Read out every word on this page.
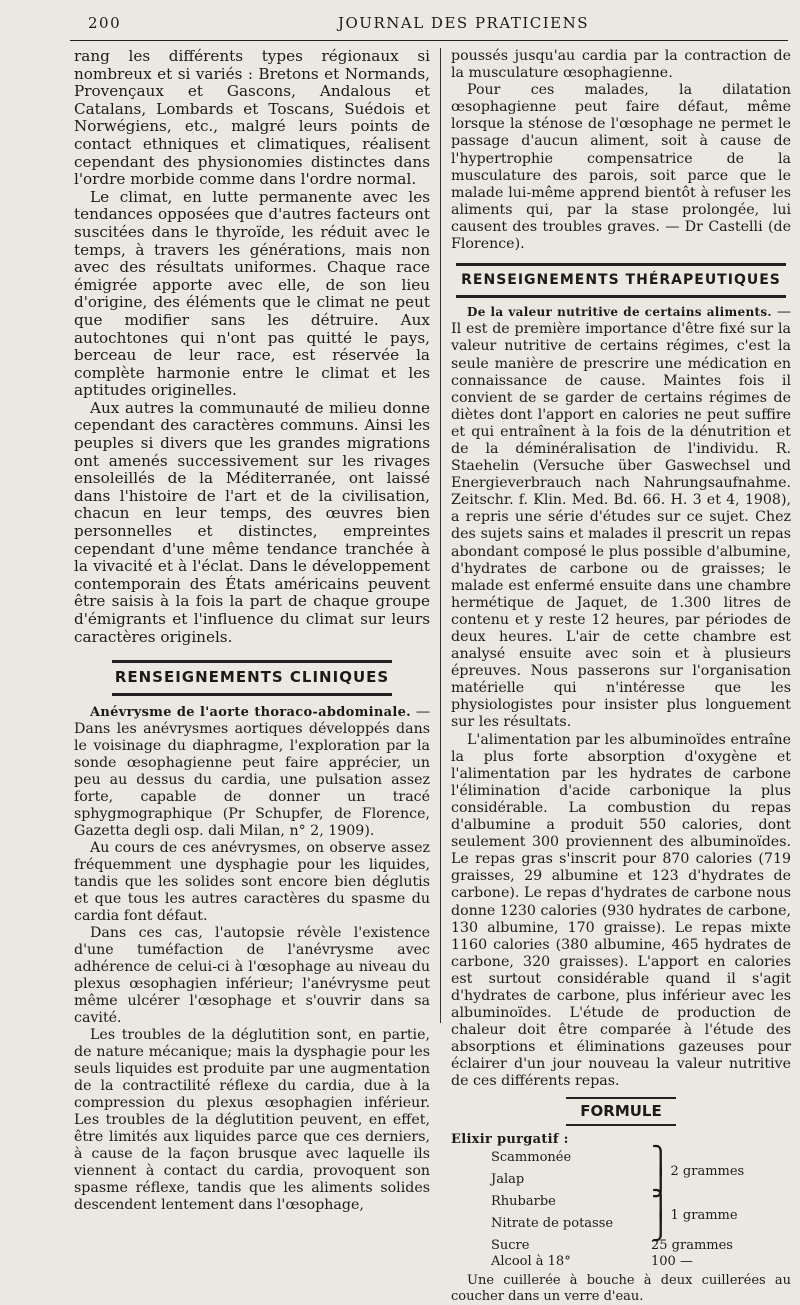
200	JOURNAL DES PRATICIENS

rang les différents types régionaux si nombreux et si variés : Bretons et Normands, Provençaux et Gascons, Andalous et Catalans, Lombards et Toscans, Suédois et Norwégiens, etc., malgré leurs points de contact ethniques et climatiques, réalisent cependant des physionomies distinctes dans l'ordre morbide comme dans l'ordre normal.

Le climat, en lutte permanente avec les tendances opposées que d'autres facteurs ont suscitées dans le thyroïde, les réduit avec le temps, à travers les générations, mais non avec des résultats uniformes. Chaque race émigrée apporte avec elle, de son lieu d'origine, des éléments que le climat ne peut que modifier sans les détruire. Aux autochtones qui n'ont pas quitté le pays, berceau de leur race, est réservée la complète harmonie entre le climat et les aptitudes originelles.

Aux autres la communauté de milieu donne cependant des caractères communs. Ainsi les peuples si divers que les grandes migrations ont amenés successivement sur les rivages ensoleillés de la Méditerranée, ont laissé dans l'histoire de l'art et de la civilisation, chacun en leur temps, des œuvres bien personnelles et distinctes, empreintes cependant d'une même tendance tranchée à la vivacité et à l'éclat. Dans le développement contemporain des États américains peuvent être saisis à la fois la part de chaque groupe d'émigrants et l'influence du climat sur leurs caractères originels.

RENSEIGNEMENTS CLINIQUES

Anévrysme de l'aorte thoraco-abdominale. — Dans les anévrysmes aortiques développés dans le voisinage du diaphragme, l'exploration par la sonde œsophagienne peut faire apprécier, un peu au dessus du cardia, une pulsation assez forte, capable de donner un tracé sphygmographique (Pr Schupfer, de Florence, Gazetta degli osp. dali Milan, n° 2, 1909).

Au cours de ces anévrysmes, on observe assez fréquemment une dysphagie pour les liquides, tandis que les solides sont encore bien déglutis et que tous les autres caractères du spasme du cardia font défaut.

Dans ces cas, l'autopsie révèle l'existence d'une tuméfaction de l'anévrysme avec adhérence de celui-ci à l'œsophage au niveau du plexus œsophagien inférieur; l'anévrysme peut même ulcérer l'œsophage et s'ouvrir dans sa cavité.

Les troubles de la déglutition sont, en partie, de nature mécanique; mais la dysphagie pour les seuls liquides est produite par une augmentation de la contractilité réflexe du cardia, due à la compression du plexus œsophagien inférieur. Les troubles de la déglutition peuvent, en effet, être limités aux liquides parce que ces derniers, à cause de la façon brusque avec laquelle ils viennent à contact du cardia, provoquent son spasme réflexe, tandis que les aliments solides descendent lentement dans l'œsophage,

poussés jusqu'au cardia par la contraction de la musculature œsophagienne.

Pour ces malades, la dilatation œsophagienne peut faire défaut, même lorsque la sténose de l'œsophage ne permet le passage d'aucun aliment, soit à cause de l'hypertrophie compensatrice de la musculature des parois, soit parce que le malade lui-même apprend bientôt à refuser les aliments qui, par la stase prolongée, lui causent des troubles graves. — Dr Castelli (de Florence).

RENSEIGNEMENTS THÉRAPEUTIQUES

De la valeur nutritive de certains aliments. — Il est de première importance d'être fixé sur la valeur nutritive de certains régimes, c'est la seule manière de prescrire une médication en connaissance de cause. Maintes fois il convient de se garder de certains régimes de diètes dont l'apport en calories ne peut suffire et qui entraînent à la fois de la dénutrition et de la déminéralisation de l'individu. R. Staehelin (Versuche über Gaswechsel und Energieverbrauch nach Nahrungsaufnahme. Zeitschr. f. Klin. Med. Bd. 66. H. 3 et 4, 1908), a repris une série d'études sur ce sujet. Chez des sujets sains et malades il prescrit un repas abondant composé le plus possible d'albumine, d'hydrates de carbone ou de graisses; le malade est enfermé ensuite dans une chambre hermétique de Jaquet, de 1.300 litres de contenu et y reste 12 heures, par périodes de deux heures. L'air de cette chambre est analysé ensuite avec soin et à plusieurs épreuves. Nous passerons sur l'organisation matérielle qui n'intéresse que les physiologistes pour insister plus longuement sur les résultats.

L'alimentation par les albuminoïdes entraîne la plus forte absorption d'oxygène et l'alimentation par les hydrates de carbone l'élimination d'acide carbonique la plus considérable. La combustion du repas d'albumine a produit 550 calories, dont seulement 300 proviennent des albuminoïdes. Le repas gras s'inscrit pour 870 calories (719 graisses, 29 albumine et 123 d'hydrates de carbone). Le repas d'hydrates de carbone nous donne 1230 calories (930 hydrates de carbone, 130 albumine, 170 graisse). Le repas mixte 1160 calories (380 albumine, 465 hydrates de carbone, 320 graisses). L'apport en calories est surtout considérable quand il s'agit d'hydrates de carbone, plus inférieur avec les albuminoïdes. L'étude de production de chaleur doit être comparée à l'étude des absorptions et éliminations gazeuses pour éclairer d'un jour nouveau la valeur nutritive de ces différents repas.

FORMULE
Elixir purgatif :
Scammonée	⎫
Jalap	⎭ 2 grammes
Rhubarbe	⎫
Nitrate de potasse	⎭ 1 gramme
Sucre	25 grammes
Alcool à 18°	100 —

Une cuillerée à bouche à deux cuillerées au coucher dans un verre d'eau.
